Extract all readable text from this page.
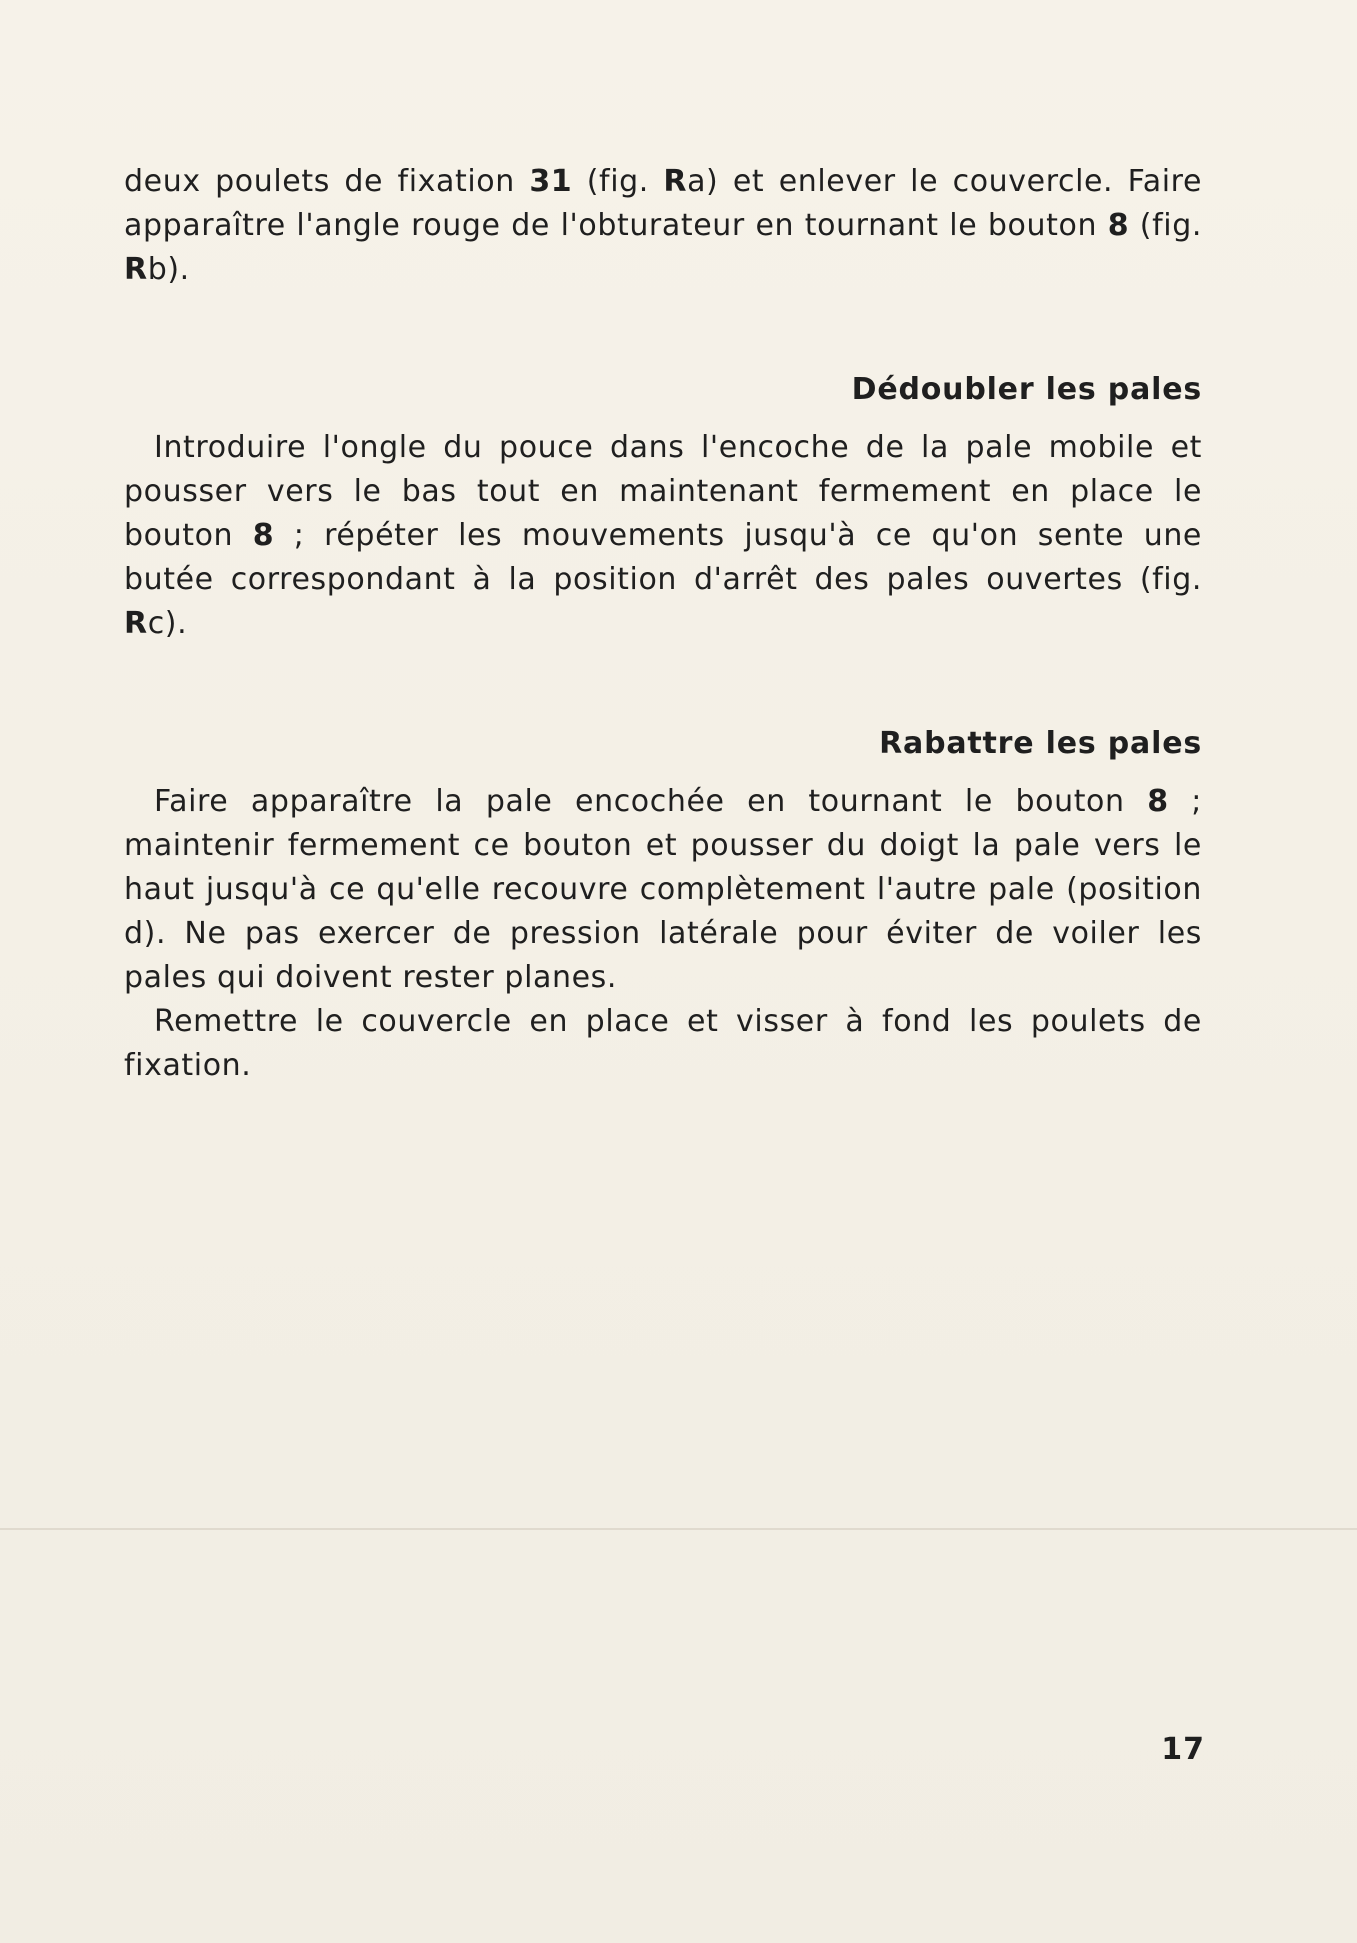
deux poulets de fixation 31 (fig. Ra) et enlever le couvercle. Faire apparaître l'angle rouge de l'obturateur en tournant le bouton 8 (fig. Rb).

Dédoubler les pales

Introduire l'ongle du pouce dans l'encoche de la pale mobile et pousser vers le bas tout en maintenant fermement en place le bouton 8 ; répéter les mouvements jusqu'à ce qu'on sente une butée correspondant à la position d'arrêt des pales ouvertes (fig. Rc).

Rabattre les pales

Faire apparaître la pale encochée en tournant le bouton 8 ; maintenir fermement ce bouton et pousser du doigt la pale vers le haut jusqu'à ce qu'elle recouvre complètement l'autre pale (position d). Ne pas exercer de pression latérale pour éviter de voiler les pales qui doivent rester planes.

Remettre le couvercle en place et visser à fond les poulets de fixation.

17
